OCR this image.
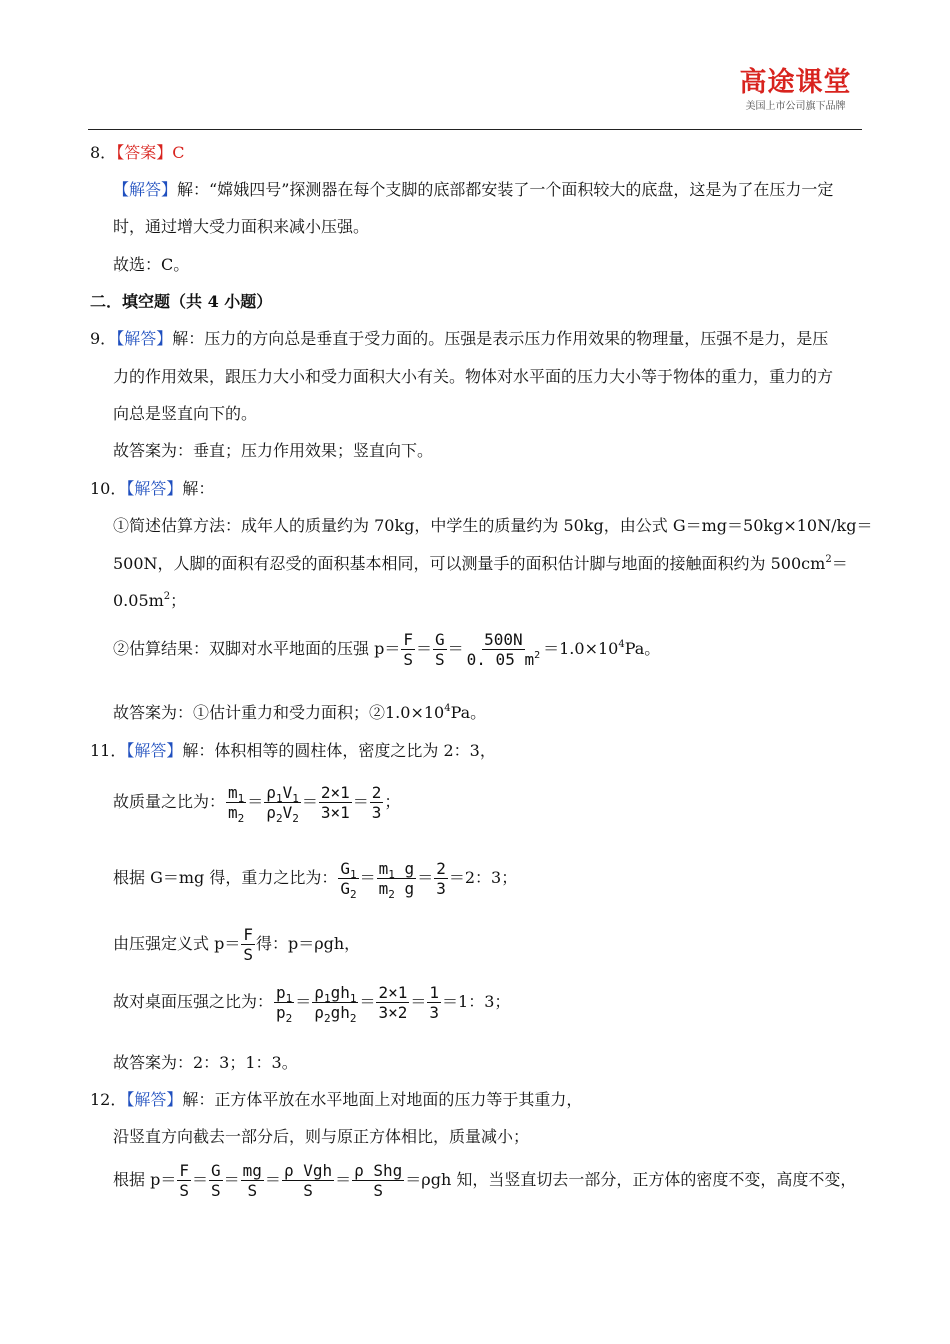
高途课堂
美国上市公司旗下品牌
8．【答案】C
【解答】解：“嫦娥四号”探测器在每个支脚的底部都安装了一个面积较大的底盘，这是为了在压力一定
时，通过增大受力面积来减小压强。
故选：C。
二．填空题（共 4 小题）
9．【解答】解：压力的方向总是垂直于受力面的。压强是表示压力作用效果的物理量，压强不是力，是压
力的作用效果，跟压力大小和受力面积大小有关。物体对水平面的压力大小等于物体的重力，重力的方
向总是竖直向下的。
故答案为：垂直；压力作用效果；竖直向下。
10．【解答】解：
①简述估算方法：成年人的质量约为 70kg，中学生的质量约为 50kg，由公式 G＝mg＝50kg×10N/kg＝
500N，人脚的面积有忍受的面积基本相同，可以测量手的面积估计脚与地面的接触面积约为 $500cm^2=$
$0.05m^2$；
②估算结果：双脚对水平地面的压强 $p= \frac{F}{S} = \frac{G}{S} = \frac{500N}{0. 05 m^2} =1.0\times 10^4Pa$。
故答案为：①估计重力和受力面积；$②1.0\times 10^4Pa$。
11．【解答】解：体积相等的圆柱体，密度之比为 2：3，
故质量之比为： $\frac{m_1}{m_2} = \frac{\rho_1V_1}{\rho_2V_2} = \frac{2\times 1}{3\times 1} = \frac{2}{3}$ ；
根据 G＝mg 得，重力之比为： $\frac{G_1}{G_2} = \frac{m_1 g}{m_2 g} = \frac{2}{3} =2$：3；
由压强定义式 $p= \frac{F}{S}$ 得：p＝ρgh，
故对桌面压强之比为： $\frac{p_1}{p_2} = \frac{\rho_1gh_1}{\rho_2gh_2} = \frac{2\times 1}{3\times 2} = \frac{1}{3} =1$：3；
故答案为：2：3；1：3。
12．【解答】解：正方体平放在水平地面上对地面的压力等于其重力，
沿竖直方向截去一部分后，则与原正方体相比，质量减小；
根据 $p= \frac{F}{S} = \frac{G}{S} = \frac{mg}{S} = \frac{\text{ρ Vgh}}{S} = \frac{\text{ρ Shg}}{S} =\rho gh$ 知，当竖直切去一部分，正方体的密度不变，高度不变，
